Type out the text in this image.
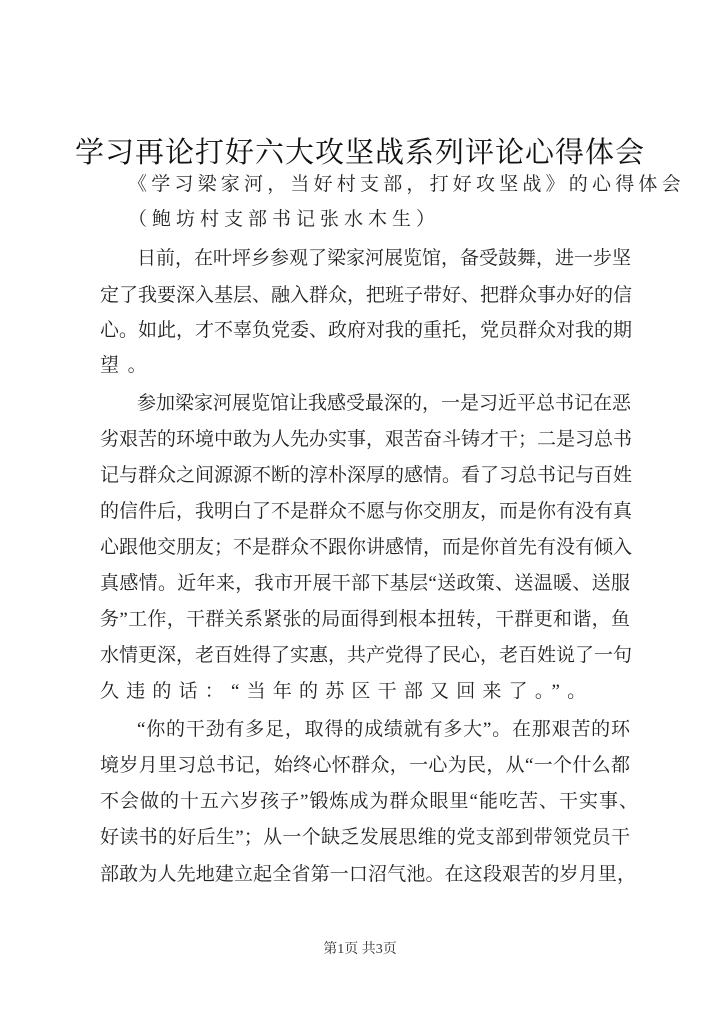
学习再论打好六大攻坚战系列评论心得体会
《学习梁家河，当好村支部，打好攻坚战》的心得体会
（鲍坊村支部书记张水木生）
日前，在叶坪乡参观了梁家河展览馆，备受鼓舞，进一步坚
定了我要深入基层、融入群众，把班子带好、把群众事办好的信
心。如此，才不辜负党委、政府对我的重托，党员群众对我的期
望。
参加梁家河展览馆让我感受最深的，一是习近平总书记在恶
劣艰苦的环境中敢为人先办实事，艰苦奋斗铸才干；二是习总书
记与群众之间源源不断的淳朴深厚的感情。看了习总书记与百姓
的信件后，我明白了不是群众不愿与你交朋友，而是你有没有真
心跟他交朋友；不是群众不跟你讲感情，而是你首先有没有倾入
真感情。近年来，我市开展干部下基层“送政策、送温暖、送服
务”工作，干群关系紧张的局面得到根本扭转，干群更和谐，鱼
水情更深，老百姓得了实惠，共产党得了民心，老百姓说了一句
久违的话：“当年的苏区干部又回来了。”。
“你的干劲有多足，取得的成绩就有多大”。在那艰苦的环
境岁月里习总书记，始终心怀群众，一心为民，从“一个什么都
不会做的十五六岁孩子”锻炼成为群众眼里“能吃苦、干实事、
好读书的好后生”；从一个缺乏发展思维的党支部到带领党员干
部敢为人先地建立起全省第一口沼气池。在这段艰苦的岁月里，
第1页 共3页
